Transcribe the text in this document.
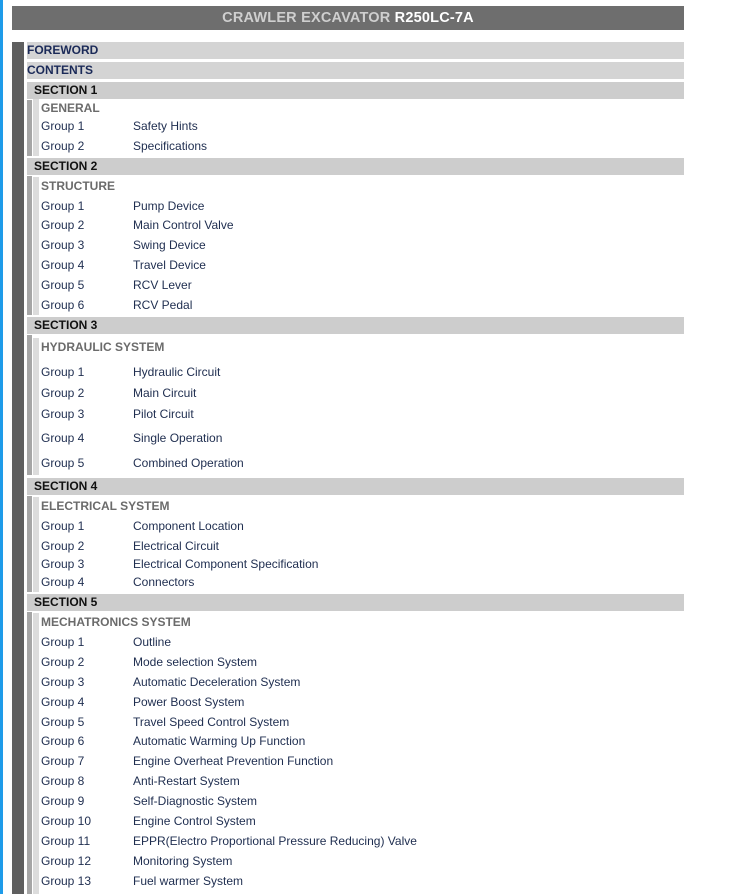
CRAWLER EXCAVATOR R250LC-7A
FOREWORD
CONTENTS
SECTION 1
GENERAL
Group 1	Safety Hints
Group 2	Specifications
SECTION 2
STRUCTURE
Group 1	Pump Device
Group 2	Main Control Valve
Group 3	Swing Device
Group 4	Travel Device
Group 5	RCV Lever
Group 6	RCV Pedal
SECTION 3
HYDRAULIC SYSTEM
Group 1	Hydraulic Circuit
Group 2	Main Circuit
Group 3	Pilot Circuit
Group 4	Single Operation
Group 5	Combined Operation
SECTION 4
ELECTRICAL SYSTEM
Group 1	Component Location
Group 2	Electrical Circuit
Group 3	Electrical Component Specification
Group 4	Connectors
SECTION 5
MECHATRONICS SYSTEM
Group 1	Outline
Group 2	Mode selection System
Group 3	Automatic Deceleration System
Group 4	Power Boost System
Group 5	Travel Speed Control System
Group 6	Automatic Warming Up Function
Group 7	Engine Overheat Prevention Function
Group 8	Anti-Restart System
Group 9	Self-Diagnostic System
Group 10	Engine Control System
Group 11	EPPR(Electro Proportional Pressure Reducing) Valve
Group 12	Monitoring System
Group 13	Fuel warmer System
